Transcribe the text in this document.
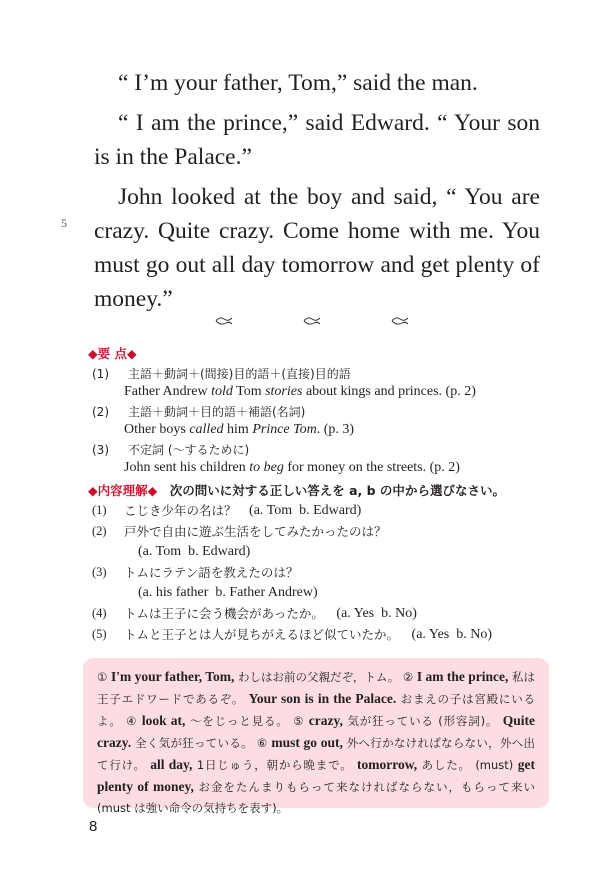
“ I’m your father, Tom,” said the man.

“ I am the prince,” said Edward. “ Your son is in the Palace.”

John looked at the boy and said, “ You are crazy. Quite crazy. Come home with me. You must go out all day tomorrow and get plenty of money.”

5
◆要 点◆
(1)	主語＋動詞＋(間接)目的語＋(直接)目的語
Father Andrew told Tom stories about kings and princes. (p. 2)
(2)	主語＋動詞＋目的語＋補語(名詞)
Other boys called him Prince Tom. (p. 3)
(3)	不定詞 (〜するために)
John sent his children to beg for money on the streets. (p. 2)
◆内容理解◆　 次の問いに対する正しい答えを a, b の中から選びなさい。
(1)	こじき少年の名は？
　 (a. Tom  b. Edward)
(2)	戸外で自由に遊ぶ生活をしてみたかったのは？
(a. Tom  b. Edward)
(3)	トムにラテン語を教えたのは？
(a. his father  b. Father Andrew)
(4)	トムは王子に会う機会があったか。
　 (a. Yes  b. No)
(5)	トムと王子とは人が見ちがえるほど似ていたか。
　 (a. Yes  b. No)
① I'm your father, Tom, わしはお前の父親だぞ，トム。 ② I am the prince, 私は王子エドワードであるぞ。 Your son is in the Palace. おまえの子は宮殿にいるよ。 ④ look at, 〜をじっと見る。 ⑤ crazy, 気が狂っている (形容詞)。 Quite crazy. 全く気が狂っている。 ⑥ must go out, 外へ行かなければならない，外へ出て行け。 all day, 1日じゅう，朝から晩まで。 tomorrow, あした。 (must) get plenty of money, お金をたんまりもらって来なければならない，もらって来い (must は強い命令の気持ちを表す)。
8
